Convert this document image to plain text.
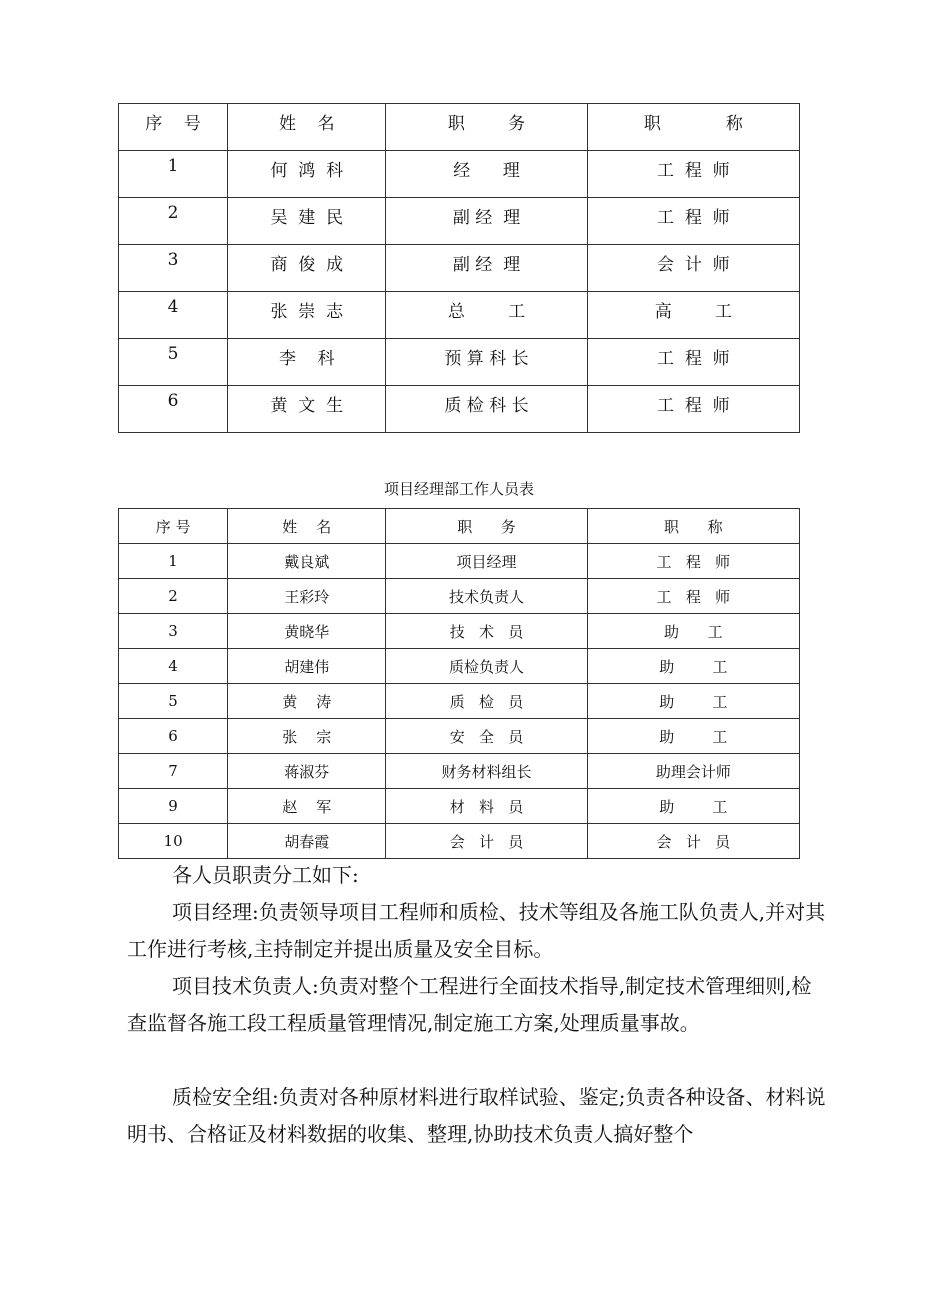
序    号	姓    名	职        务	职            称
1	何  鸿  科	经      理	工  程  师
2	吴  建  民	副 经  理	工  程  师
3	商  俊  成	副 经  理	会  计  师
4	张  崇  志	总        工	高        工
5	李    科	预 算 科 长	工  程  师
6	黄  文  生	质 检 科 长	工  程  师
项目经理部工作人员表
序 号	姓    名	职      务	职      称
1	戴良斌	项目经理	工   程   师
2	王彩玲	技术负责人	工   程   师
3	黄晓华	技   术   员	助      工
4	胡建伟	质检负责人	助        工
5	黄    涛	质   检   员	助        工
6	张    宗	安   全   员	助        工
7	蒋淑芬	财务材料组长	助理会计师
9	赵    军	材   料   员	助        工
10	胡春霞	会   计   员	会   计   员

各人员职责分工如下:

项目经理:负责领导项目工程师和质检、技术等组及各施工队负责人,并对其工作进行考核,主持制定并提出质量及安全目标。

项目技术负责人:负责对整个工程进行全面技术指导,制定技术管理细则,检查监督各施工段工程质量管理情况,制定施工方案,处理质量事故。

质检安全组:负责对各种原材料进行取样试验、鉴定;负责各种设备、材料说明书、合格证及材料数据的收集、整理,协助技术负责人搞好整个
